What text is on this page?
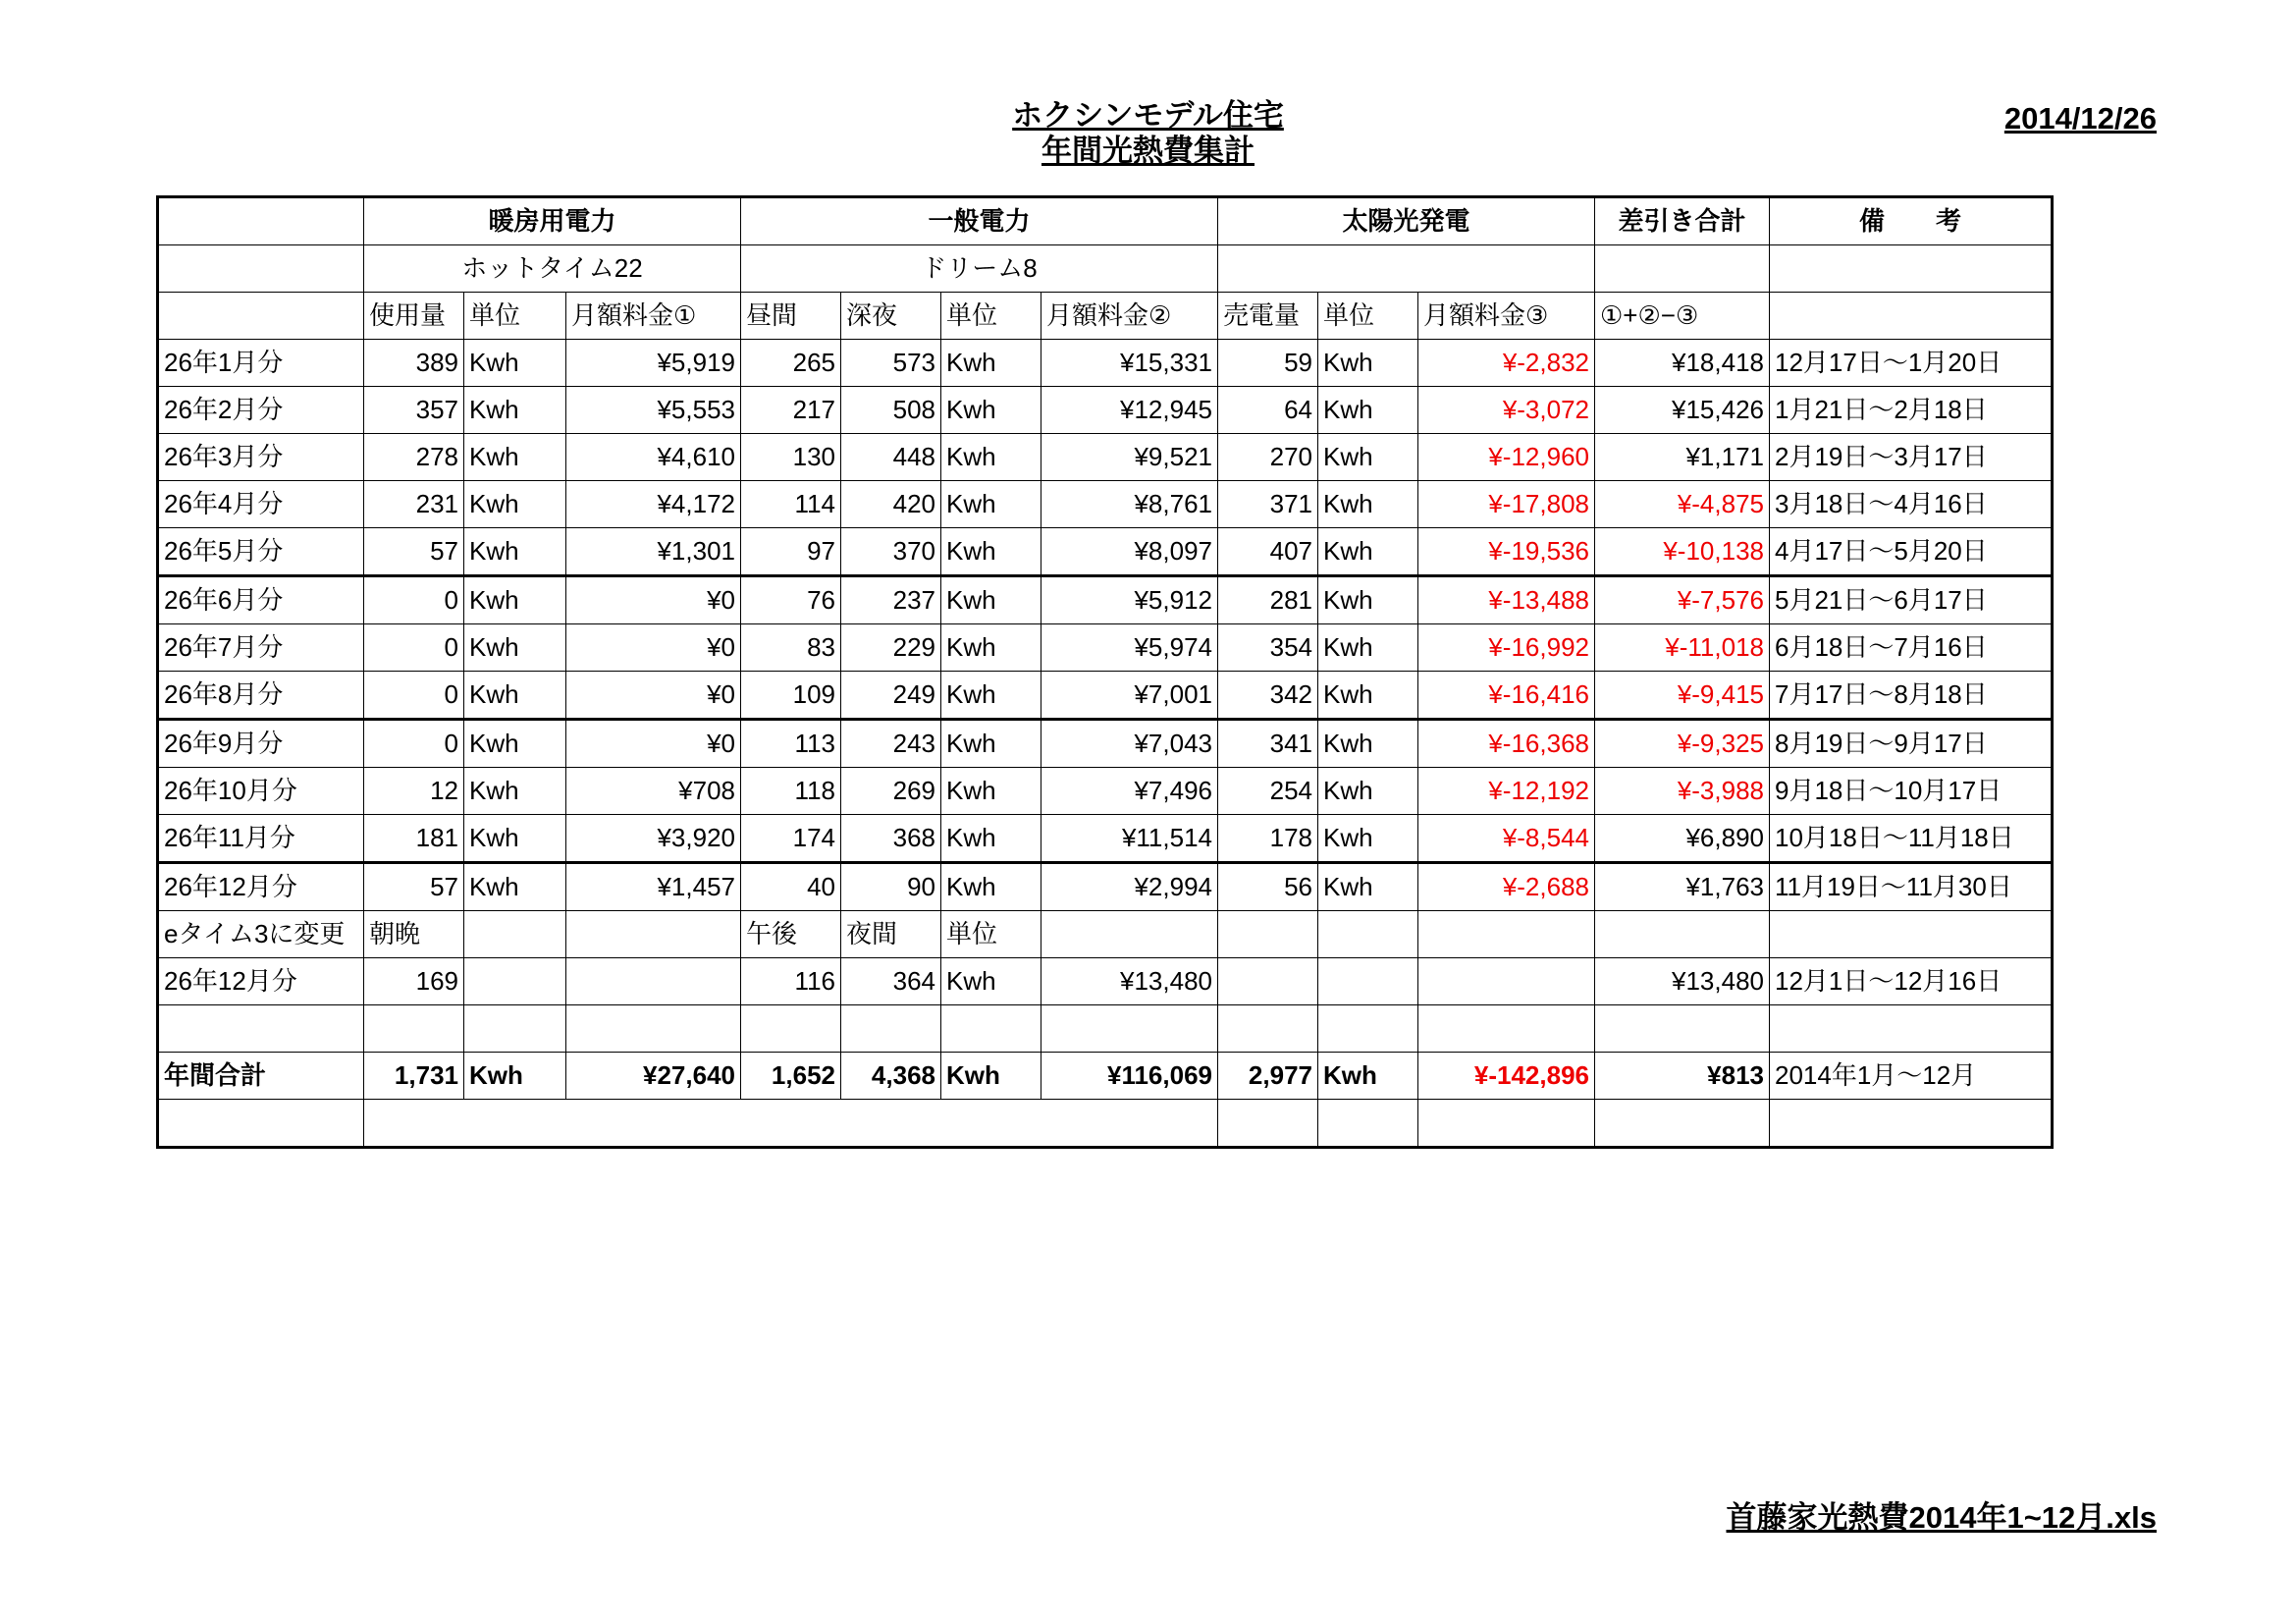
ホクシンモデル住宅
年間光熱費集計
2014/12/26
	暖房用電力			一般電力				太陽光発電			差引き合計	備　　考
	ホットタイム22			ドリーム8								
	使用量	単位	月額料金①	昼間	深夜	単位	月額料金②	売電量	単位	月額料金③	①+②−③	
26年1月分	389	Kwh	¥5,919	265	573	Kwh	¥15,331	59	Kwh	¥-2,832	¥18,418	12月17日～1月20日
26年2月分	357	Kwh	¥5,553	217	508	Kwh	¥12,945	64	Kwh	¥-3,072	¥15,426	1月21日～2月18日
26年3月分	278	Kwh	¥4,610	130	448	Kwh	¥9,521	270	Kwh	¥-12,960	¥1,171	2月19日～3月17日
26年4月分	231	Kwh	¥4,172	114	420	Kwh	¥8,761	371	Kwh	¥-17,808	¥-4,875	3月18日～4月16日
26年5月分	57	Kwh	¥1,301	97	370	Kwh	¥8,097	407	Kwh	¥-19,536	¥-10,138	4月17日～5月20日
26年6月分	0	Kwh	¥0	76	237	Kwh	¥5,912	281	Kwh	¥-13,488	¥-7,576	5月21日～6月17日
26年7月分	0	Kwh	¥0	83	229	Kwh	¥5,974	354	Kwh	¥-16,992	¥-11,018	6月18日～7月16日
26年8月分	0	Kwh	¥0	109	249	Kwh	¥7,001	342	Kwh	¥-16,416	¥-9,415	7月17日～8月18日
26年9月分	0	Kwh	¥0	113	243	Kwh	¥7,043	341	Kwh	¥-16,368	¥-9,325	8月19日～9月17日
26年10月分	12	Kwh	¥708	118	269	Kwh	¥7,496	254	Kwh	¥-12,192	¥-3,988	9月18日～10月17日
26年11月分	181	Kwh	¥3,920	174	368	Kwh	¥11,514	178	Kwh	¥-8,544	¥6,890	10月18日～11月18日
26年12月分	57	Kwh	¥1,457	40	90	Kwh	¥2,994	56	Kwh	¥-2,688	¥1,763	11月19日～11月30日
eタイム3に変更	朝晩			午後	夜間	単位						
26年12月分	169			116	364	Kwh	¥13,480				¥13,480	12月1日～12月16日

年間合計	1,731	Kwh	¥27,640	1,652	4,368	Kwh	¥116,069	2,977	Kwh	¥-142,896	¥813	2014年1月～12月

首藤家光熱費2014年1~12月.xls
